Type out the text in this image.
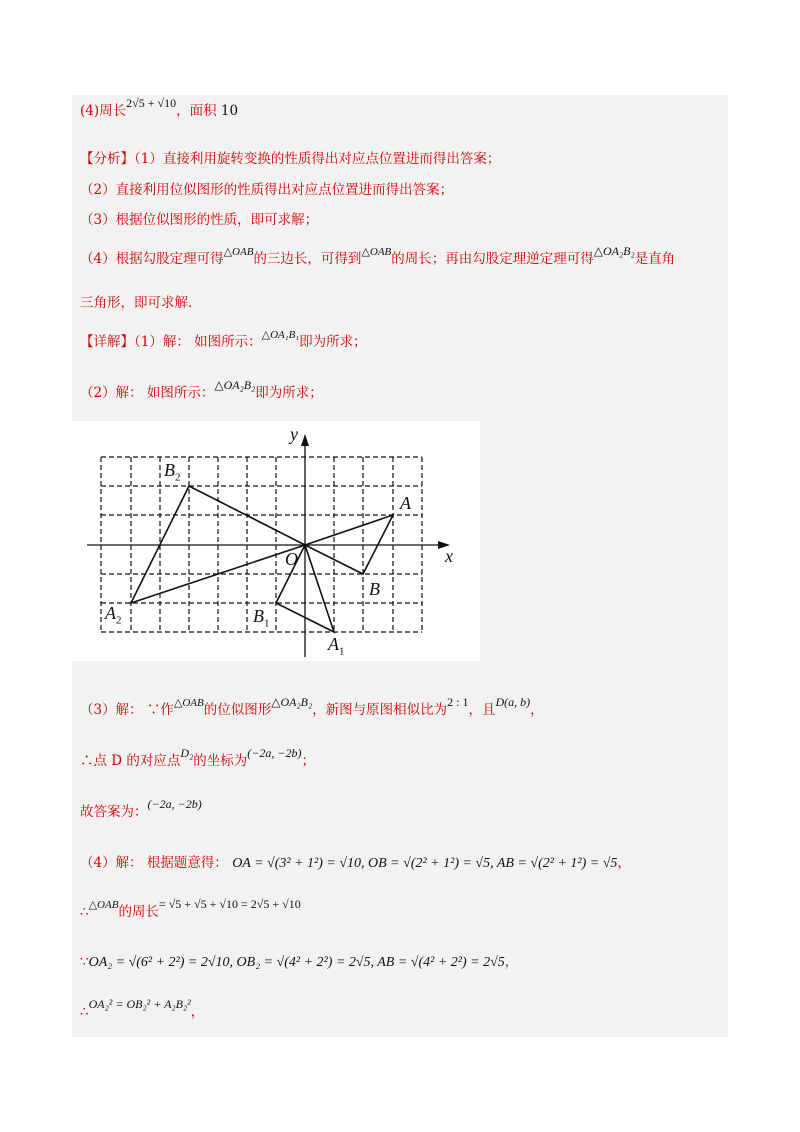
(4)周长2√5 + √10，面积 10
【分析】（1）直接利用旋转变换的性质得出对应点位置进而得出答案；
（2）直接利用位似图形的性质得出对应点位置进而得出答案；
（3）根据位似图形的性质，即可求解；
（4）根据勾股定理可得$^{\triangle OAB}$的三边长，可得到$^{\triangle OAB}$的周长；再由勾股定理逆定理可得△OA₂B₂是直角
三角形，即可求解.
【详解】（1）解： 如图所示：$^{\triangle OA_1B_1}$即为所求；
（2）解： 如图所示：△OA₂B₂即为所求；
y
x
O
A
B
$A_1$
$B_1$
$A_2$
$B_2$
（3）解： ∵作$^{\triangle OAB}$的位似图形△OA₂B₂，新图与原图相似比为2 : 1，且D(a, b)，
∴点 D 的对应点D₂的坐标为(−2a, −2b)；
故答案为：(−2a, −2b)
（4）解： 根据题意得： OA = √(3² + 1²) = √10, OB = √(2² + 1²) = √5, AB = √(2² + 1²) = √5，
∴$^{\triangle OAB}$的周长= √5 + √5 + √10 = 2√5 + √10
∵OA₂ = √(6² + 2²) = 2√10, OB₂ = √(4² + 2²) = 2√5, AB = √(4² + 2²) = 2√5，
∴OA₂² = OB₂² + A₂B₂²，
